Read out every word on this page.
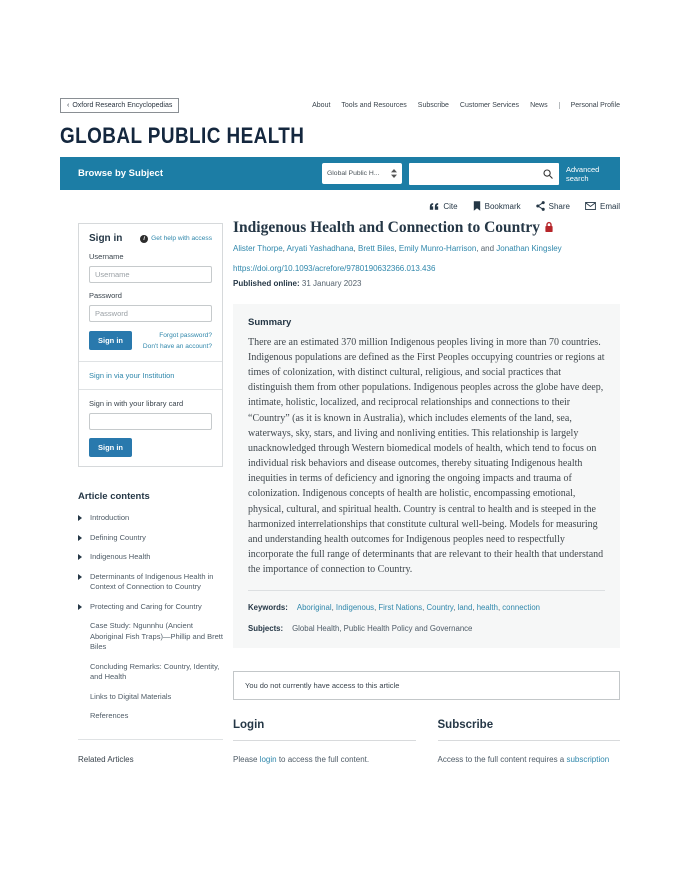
‹ Oxford Research Encyclopedias	About Tools and Resources Subscribe Customer Services News	Personal Profile
GLOBAL PUBLIC HEALTH
Browse by Subject	Global Public H...	Advanced search
Sign in	i Get help with access
Username
Username
Password
Sign in
Forgot password?
Don't have an account?
Sign in via your Institution
Sign in with your library card
Sign in
Article contents
Introduction
Defining Country
Indigenous Health
Determinants of Indigenous Health in Context of Connection to Country
Protecting and Caring for Country
Case Study: Ngunnhu (Ancient Aboriginal Fish Traps)—Phillip and Brett Biles
Concluding Remarks: Country, Identity, and Health
Links to Digital Materials
References
Related Articles
Cite	Bookmark	Share	Email
Indigenous Health and Connection to Country
Alister Thorpe, Aryati Yashadhana, Brett Biles, Emily Munro-Harrison, and Jonathan Kingsley
https://doi.org/10.1093/acrefore/9780190632366.013.436
Published online: 31 January 2023
Summary

There are an estimated 370 million Indigenous peoples living in more than 70 countries. Indigenous populations are defined as the First Peoples occupying countries or regions at times of colonization, with distinct cultural, religious, and social practices that distinguish them from other populations. Indigenous peoples across the globe have deep, intimate, holistic, localized, and reciprocal relationships and connections to their “Country” (as it is known in Australia), which includes elements of the land, sea, waterways, sky, stars, and living and nonliving entities. This relationship is largely unacknowledged through Western biomedical models of health, which tend to focus on individual risk behaviors and disease outcomes, thereby situating Indigenous health inequities in terms of deficiency and ignoring the ongoing impacts and trauma of colonization. Indigenous concepts of health are holistic, encompassing emotional, physical, cultural, and spiritual health. Country is central to health and is steeped in the harmonized interrelationships that constitute cultural well-being. Models for measuring and understanding health outcomes for Indigenous peoples need to respectfully incorporate the full range of determinants that are relevant to their health that understand the importance of connection to Country.

Keywords: Aboriginal, Indigenous, First Nations, Country, land, health, connection
Subjects: Global Health, Public Health Policy and Governance
You do not currently have access to this article
Login

Please login to access the full content.

Subscribe

Access to the full content requires a subscription
